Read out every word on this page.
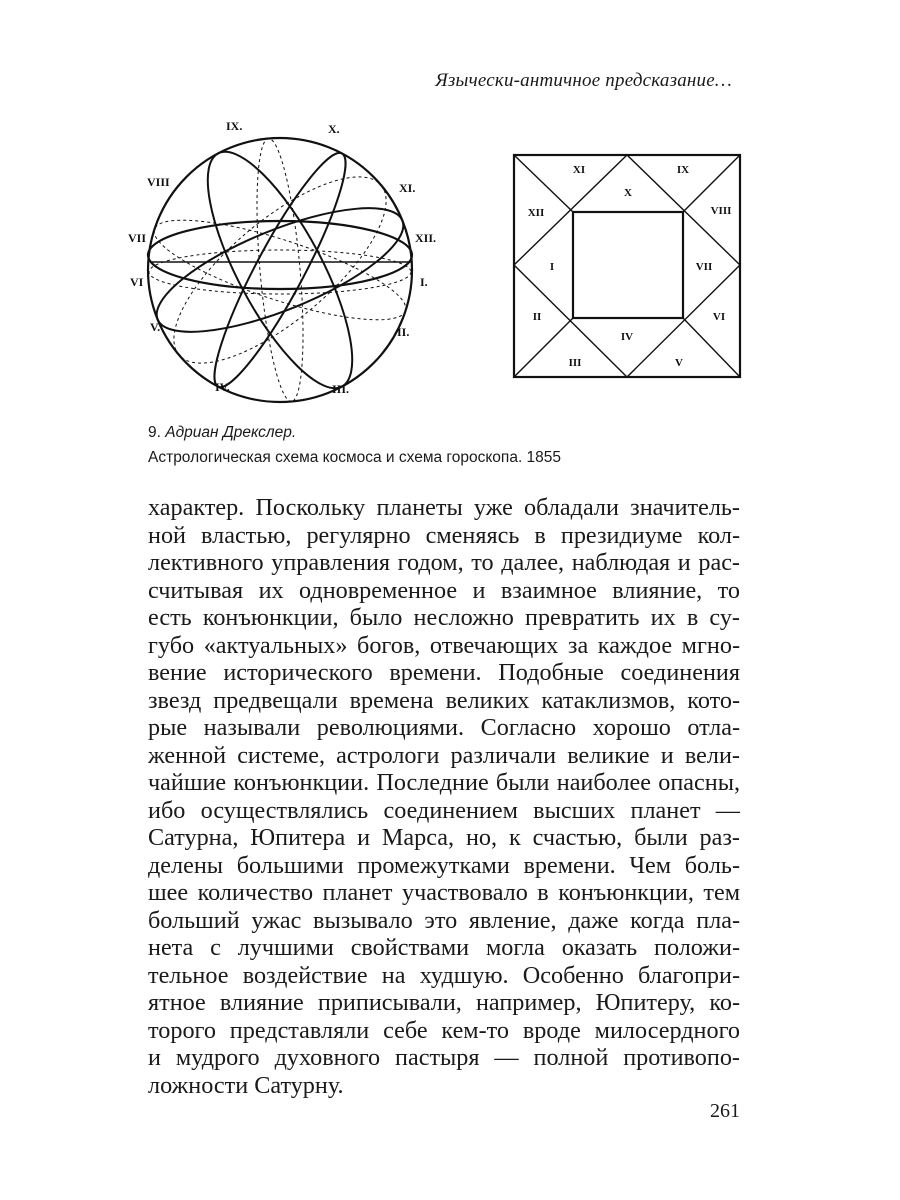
Язычески-античное предсказание…
IX.	X.
XI.
XII.
I.
II.
III.
IV.
V.
VI
VII
VIII
XI	IX
X
XII	VIII
I	VII
II	VI
IV
III	V
9. Адриан Дрекслер.
Астрологическая схема космоса и схема гороскопа. 1855
характер. Поскольку планеты уже обладали значитель-
ной властью, регулярно сменяясь в президиуме кол-
лективного управления годом, то далее, наблюдая и рас-
считывая их одновременное и взаимное влияние, то
есть конъюнкции, было несложно превратить их в су-
губо «актуальных» богов, отвечающих за каждое мгно-
вение исторического времени. Подобные соединения
звезд предвещали времена великих катаклизмов, кото-
рые называли революциями. Согласно хорошо отла-
женной системе, астрологи различали великие и вели-
чайшие конъюнкции. Последние были наиболее опасны,
ибо осуществлялись соединением высших планет —
Сатурна, Юпитера и Марса, но, к счастью, были раз-
делены большими промежутками времени. Чем боль-
шее количество планет участвовало в конъюнкции, тем
больший ужас вызывало это явление, даже когда пла-
нета с лучшими свойствами могла оказать положи-
тельное воздействие на худшую. Особенно благопри-
ятное влияние приписывали, например, Юпитеру, ко-
торого представляли себе кем-то вроде милосердного
и мудрого духовного пастыря — полной противопо-
ложности Сатурну.
261
